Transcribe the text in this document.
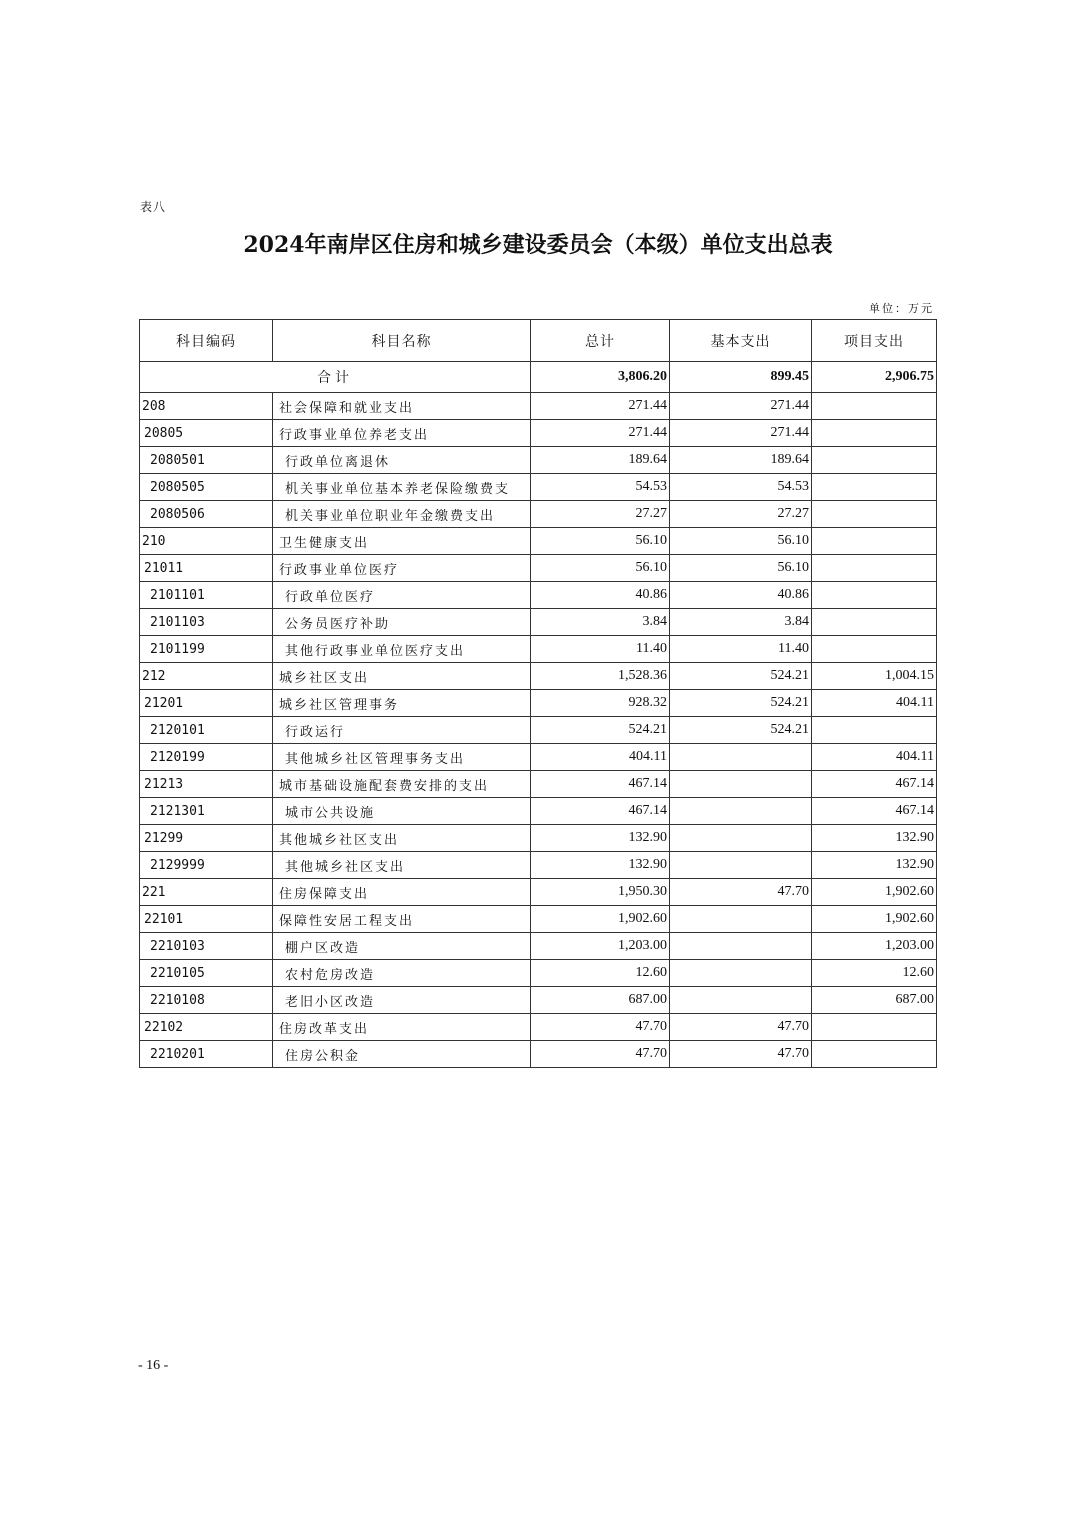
表八
2024年南岸区住房和城乡建设委员会（本级）单位支出总表
单位：万元
科目编码	科目名称	总计	基本支出	项目支出
合计		3,806.20	899.45	2,906.75
208	社会保障和就业支出	271.44	271.44	
20805	行政事业单位养老支出	271.44	271.44	
2080501	行政单位离退休	189.64	189.64	
2080505	机关事业单位基本养老保险缴费支	54.53	54.53	
2080506	机关事业单位职业年金缴费支出	27.27	27.27	
210	卫生健康支出	56.10	56.10	
21011	行政事业单位医疗	56.10	56.10	
2101101	行政单位医疗	40.86	40.86	
2101103	公务员医疗补助	3.84	3.84	
2101199	其他行政事业单位医疗支出	11.40	11.40	
212	城乡社区支出	1,528.36	524.21	1,004.15
21201	城乡社区管理事务	928.32	524.21	404.11
2120101	行政运行	524.21	524.21	
2120199	其他城乡社区管理事务支出	404.11		404.11
21213	城市基础设施配套费安排的支出	467.14		467.14
2121301	城市公共设施	467.14		467.14
21299	其他城乡社区支出	132.90		132.90
2129999	其他城乡社区支出	132.90		132.90
221	住房保障支出	1,950.30	47.70	1,902.60
22101	保障性安居工程支出	1,902.60		1,902.60
2210103	棚户区改造	1,203.00		1,203.00
2210105	农村危房改造	12.60		12.60
2210108	老旧小区改造	687.00		687.00
22102	住房改革支出	47.70	47.70	
2210201	住房公积金	47.70	47.70	
- 16 -
